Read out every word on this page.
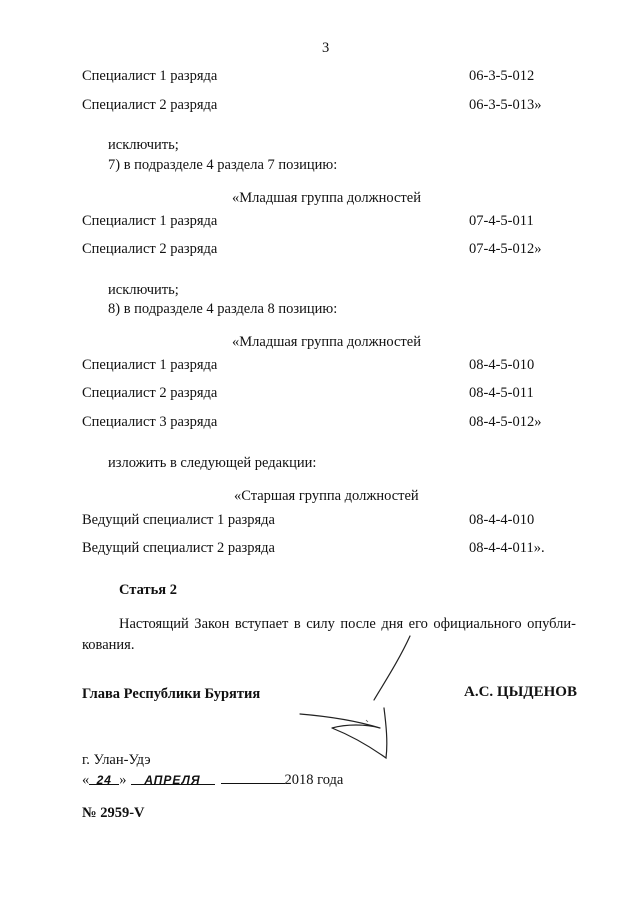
3
Специалист 1 разряда	06-3-5-012
Специалист 2 разряда	06-3-5-013»
исключить;
7) в подразделе 4 раздела 7 позицию:
«Младшая группа должностей
Специалист 1 разряда	07-4-5-011
Специалист 2 разряда	07-4-5-012»
исключить;
8) в подразделе 4 раздела 8 позицию:
«Младшая группа должностей
Специалист 1 разряда	08-4-5-010
Специалист 2 разряда	08-4-5-011
Специалист 3 разряда	08-4-5-012»
изложить в следующей редакции:
«Старшая группа должностей
Ведущий специалист 1 разряда	08-4-4-010
Ведущий специалист 2 разряда	08-4-4-011».
Статья 2
Настоящий Закон вступает в силу после дня его официального опубли-кования.
Глава Республики Бурятия	А.С. ЦЫДЕНОВ
г. Улан-Удэ
« 24 » АПРЕЛЯ	2018 года
№ 2959-V
